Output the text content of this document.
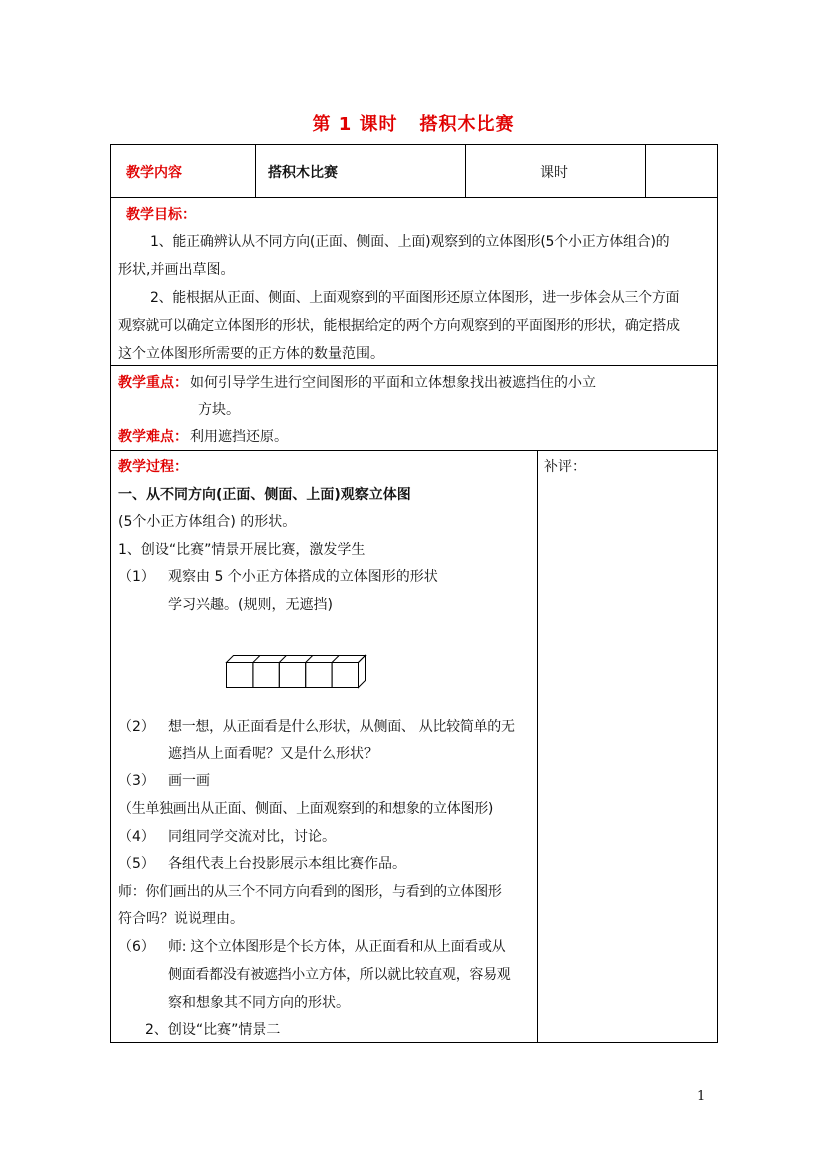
第 1 课时 搭积木比赛
教学内容	搭积木比赛	课时
教学目标：
1、能正确辨认从不同方向(正面、侧面、上面)观察到的立体图形(5个小正方体组合)的
形状,并画出草图。
2、能根据从正面、侧面、上面观察到的平面图形还原立体图形，进一步体会从三个方面
观察就可以确定立体图形的形状，能根据给定的两个方向观察到的平面图形的形状，确定搭成
这个立体图形所需要的正方体的数量范围。
教学重点： 如何引导学生进行空间图形的平面和立体想象找出被遮挡住的小立
方块。
教学难点： 利用遮挡还原。
教学过程：	补评：
一、从不同方向(正面、侧面、上面)观察立体图
(5个小正方体组合) 的形状。
1、创设“比赛”情景开展比赛，激发学生
（1） 观察由 5 个小正方体搭成的立体图形的形状
学习兴趣。(规则，无遮挡)
（2） 想一想，从正面看是什么形状，从侧面、 从比较简单的无
遮挡从上面看呢？又是什么形状？
（3） 画一画
（生单独画出从正面、侧面、上面观察到的和想象的立体图形)
（4） 同组同学交流对比，讨论。
（5） 各组代表上台投影展示本组比赛作品。
师：你们画出的从三个不同方向看到的图形，与看到的立体图形
符合吗？说说理由。
（6） 师: 这个立体图形是个长方体，从正面看和从上面看或从
侧面看都没有被遮挡小立方体，所以就比较直观，容易观
察和想象其不同方向的形状。
2、创设“比赛”情景二
1
